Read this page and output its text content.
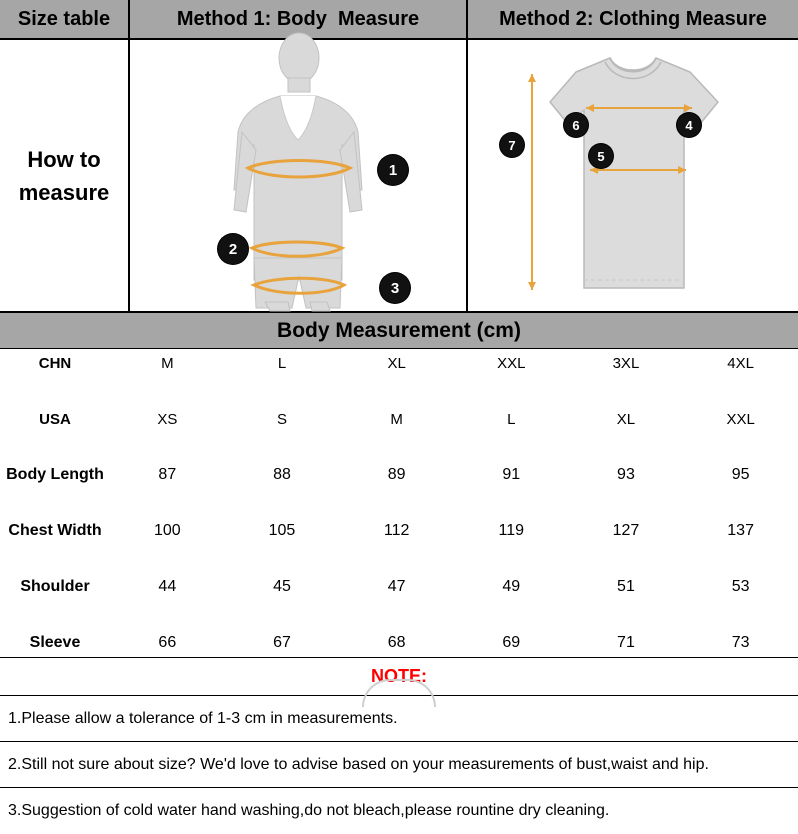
Size table
How to
measure
Method 1: Body  Measure
1
2
3
Method 2: Clothing Measure
6	4
7
5
Body Measurement (cm)
CHN	M	L	XL	XXL	3XL	4XL

USA	XS	S	M	L	XL	XXL

Body Length	87	88	89	91	93	95

Chest Width	100	105	112	119	127	137

Shoulder	44	45	47	49	51	53

Sleeve	66	67	68	69	71	73
NOTE:
1.Please allow a tolerance of 1-3 cm in measurements.
2.Still not sure about size? We'd love to advise based on your measurements of bust,waist and hip.
3.Suggestion of cold water hand washing,do not bleach,please rountine dry cleaning.
